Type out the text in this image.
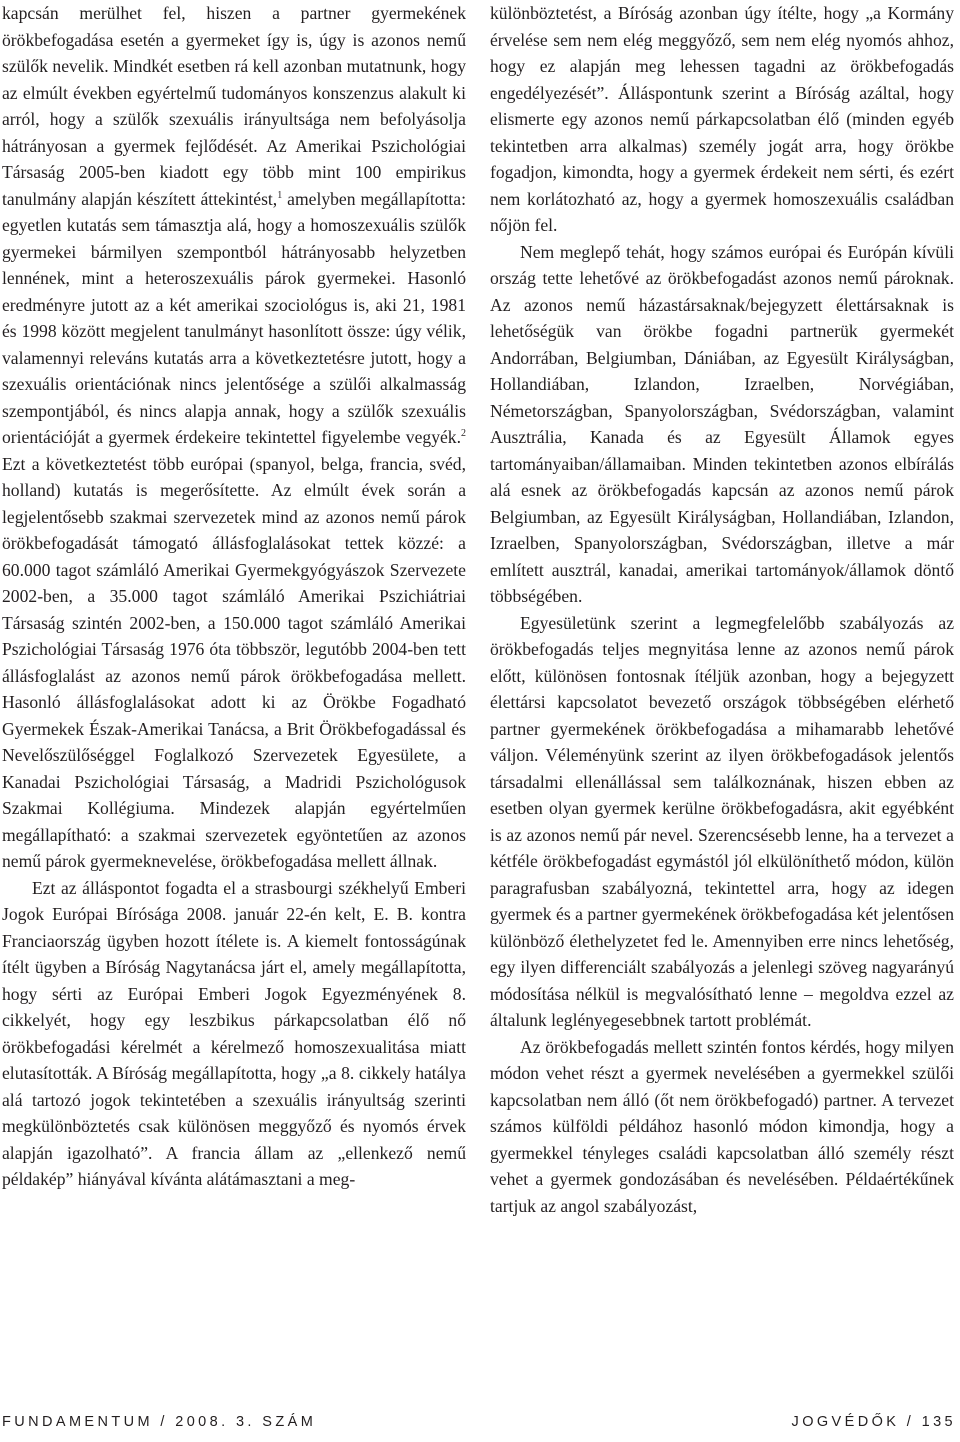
kapcsán merülhet fel, hiszen a partner gyermekének örökbefogadása esetén a gyermeket így is, úgy is azonos nemű szülők nevelik. Mindkét esetben rá kell azonban mutatnunk, hogy az elmúlt években egyértelmű tudományos konszenzus alakult ki arról, hogy a szülők szexuális irányultsága nem befolyásolja hátrányosan a gyermek fejlődését. Az Amerikai Pszichológiai Társaság 2005-ben kiadott egy több mint 100 empirikus tanulmány alapján készített áttekintést,$^1$ amelyben megállapította: egyetlen kutatás sem támasztja alá, hogy a homoszexuális szülők gyermekei bármilyen szempontból hátrányosabb helyzetben lennének, mint a heteroszexuális párok gyermekei. Hasonló eredményre jutott az a két amerikai szociológus is, aki 21, 1981 és 1998 között megjelent tanulmányt hasonlított össze: úgy vélik, valamennyi releváns kutatás arra a következtetésre jutott, hogy a szexuális orientációnak nincs jelentősége a szülői alkalmasság szempontjából, és nincs alapja annak, hogy a szülők szexuális orientációját a gyermek érdekeire tekintettel figyelembe vegyék.$^2$ Ezt a következtetést több európai (spanyol, belga, francia, svéd, holland) kutatás is megerősítette. Az elmúlt évek során a legjelentősebb szakmai szervezetek mind az azonos nemű párok örökbefogadását támogató állásfoglalásokat tettek közzé: a 60.000 tagot számláló Amerikai Gyermekgyógyászok Szervezete 2002-ben, a 35.000 tagot számláló Amerikai Pszichiátriai Társaság szintén 2002-ben, a 150.000 tagot számláló Amerikai Pszichológiai Társaság 1976 óta többször, legutóbb 2004-ben tett állásfoglalást az azonos nemű párok örökbefogadása mellett. Hasonló állásfoglalásokat adott ki az Örökbe Fogadható Gyermekek Észak-Amerikai Tanácsa, a Brit Örökbefogadással és Nevelőszülőséggel Foglalkozó Szervezetek Egyesülete, a Kanadai Pszichológiai Társaság, a Madridi Pszichológusok Szakmai Kollégiuma. Mindezek alapján egyértelműen megállapítható: a szakmai szervezetek egyöntetűen az azonos nemű párok gyermeknevelése, örökbefogadása mellett állnak.

Ezt az álláspontot fogadta el a strasbourgi székhelyű Emberi Jogok Európai Bírósága 2008. január 22-én kelt, E. B. kontra Franciaország ügyben hozott ítélete is. A kiemelt fontosságúnak ítélt ügyben a Bíróság Nagytanácsa járt el, amely megállapította, hogy sérti az Európai Emberi Jogok Egyezményének 8. cikkelyét, hogy egy leszbikus párkapcsolatban élő nő örökbefogadási kérelmét a kérelmező homoszexualitása miatt elutasították. A Bíróság megállapította, hogy „a 8. cikkely hatálya alá tartozó jogok tekintetében a szexuális irányultság szerinti megkülönböztetés csak különösen meggyőző és nyomós érvek alapján igazolható”. A francia állam az „ellenkező nemű példakép” hiányával kívánta alátámasztani a meg-

különböztetést, a Bíróság azonban úgy ítélte, hogy „a Kormány érvelése sem nem elég meggyőző, sem nem elég nyomós ahhoz, hogy ez alapján meg lehessen tagadni az örökbefogadás engedélyezését”. Álláspontunk szerint a Bíróság azáltal, hogy elismerte egy azonos nemű párkapcsolatban élő (minden egyéb tekintetben arra alkalmas) személy jogát arra, hogy örökbe fogadjon, kimondta, hogy a gyermek érdekeit nem sérti, és ezért nem korlátozható az, hogy a gyermek homoszexuális családban nőjön fel.

Nem meglepő tehát, hogy számos európai és Európán kívüli ország tette lehetővé az örökbefogadást azonos nemű pároknak. Az azonos nemű házastársaknak/bejegyzett élettársaknak is lehetőségük van örökbe fogadni partnerük gyermekét Andorrában, Belgiumban, Dániában, az Egyesült Királyságban, Hollandiában, Izlandon, Izraelben, Norvégiában, Németországban, Spanyolországban, Svédországban, valamint Ausztrália, Kanada és az Egyesült Államok egyes tartományaiban/államaiban. Minden tekintetben azonos elbírálás alá esnek az örökbefogadás kapcsán az azonos nemű párok Belgiumban, az Egyesült Királyságban, Hollandiában, Izlandon, Izraelben, Spanyolországban, Svédországban, illetve a már említett ausztrál, kanadai, amerikai tartományok/államok döntő többségében.

Egyesületünk szerint a legmegfelelőbb szabályozás az örökbefogadás teljes megnyitása lenne az azonos nemű párok előtt, különösen fontosnak ítéljük azonban, hogy a bejegyzett élettársi kapcsolatot bevezető országok többségében elérhető partner gyermekének örökbefogadása a mihamarabb lehetővé váljon. Véleményünk szerint az ilyen örökbefogadások jelentős társadalmi ellenállással sem találkoznának, hiszen ebben az esetben olyan gyermek kerülne örökbefogadásra, akit egyébként is az azonos nemű pár nevel. Szerencsésebb lenne, ha a tervezet a kétféle örökbefogadást egymástól jól elkülöníthető módon, külön paragrafusban szabályozná, tekintettel arra, hogy az idegen gyermek és a partner gyermekének örökbefogadása két jelentősen különböző élethelyzetet fed le. Amennyiben erre nincs lehetőség, egy ilyen differenciált szabályozás a jelenlegi szöveg nagyarányú módosítása nélkül is megvalósítható lenne – megoldva ezzel az általunk leglényegesebbnek tartott problémát.

Az örökbefogadás mellett szintén fontos kérdés, hogy milyen módon vehet részt a gyermek nevelésében a gyermekkel szülői kapcsolatban nem álló (őt nem örökbefogadó) partner. A tervezet számos külföldi példához hasonló módon kimondja, hogy a gyermekkel tényleges családi kapcsolatban álló személy részt vehet a gyermek gondozásában és nevelésében. Példaértékűnek tartjuk az angol szabályozást,

FUNDAMENTUM / 2008. 3. SZÁM	JOGVÉDŐK / 135
